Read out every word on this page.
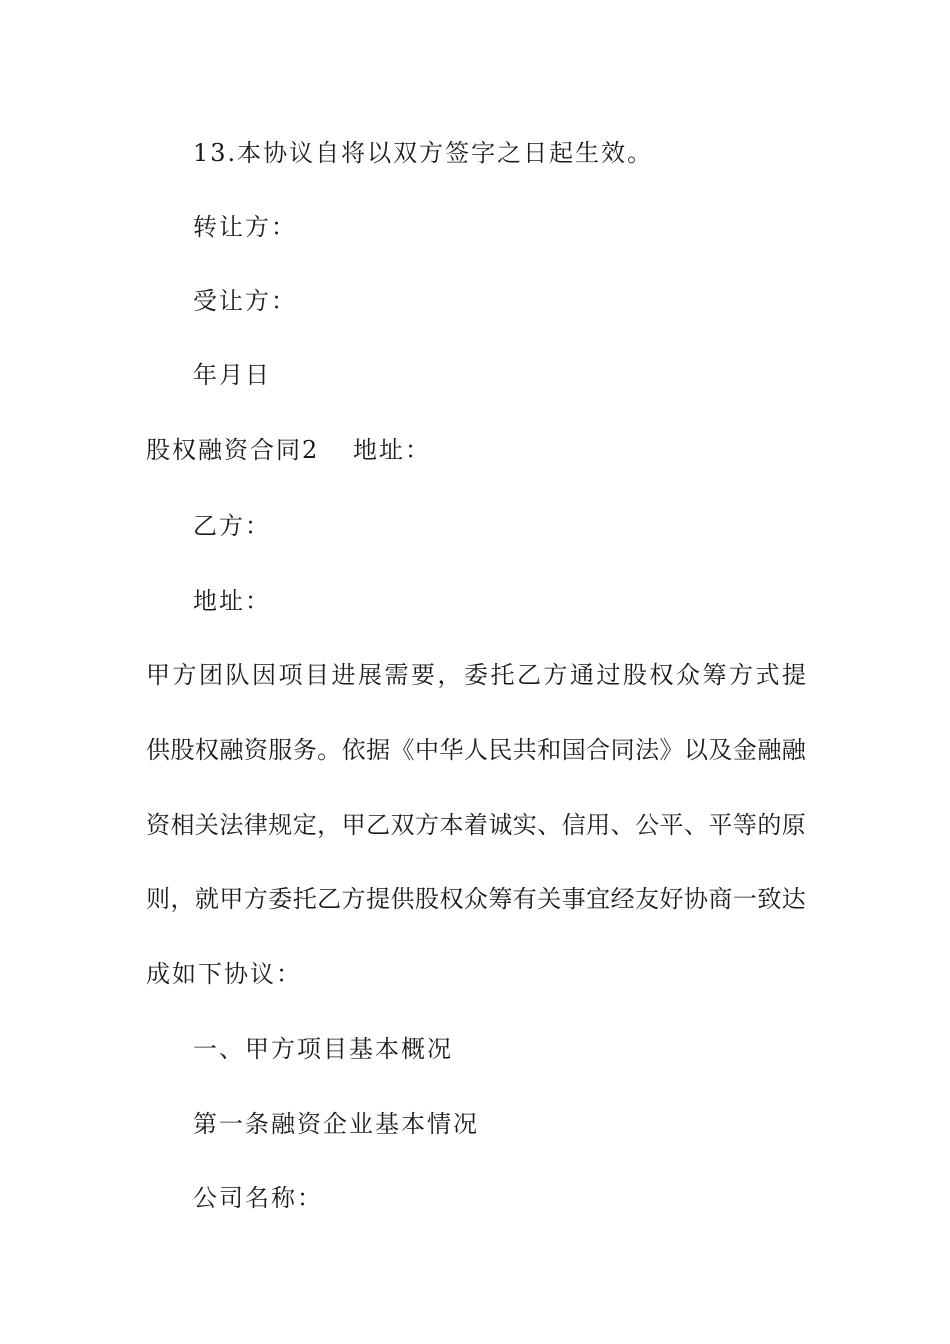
13.本协议自将以双方签字之日起生效。
转让方：
受让方：
年月日
股权融资合同2 地址：
乙方：
地址：
甲 方 团 队 因 项 目 进 展 需 要 ， 委 托 乙 方 通 过 股 权 众 筹 方 式 提
供 股 权 融 资 服 务 。 依 据 《 中 华 人 民 共 和 国 合 同 法 》 以 及 金 融 融
资 相 关 法 律 规 定 ， 甲 乙 双 方 本 着 诚 实 、 信 用 、 公 平 、 平 等 的 原
则 ， 就 甲 方 委 托 乙 方 提 供 股 权 众 筹 有 关 事 宜 经 友 好 协 商 一 致 达
成如下协议：
一、甲方项目基本概况
第一条融资企业基本情况
公司名称：
